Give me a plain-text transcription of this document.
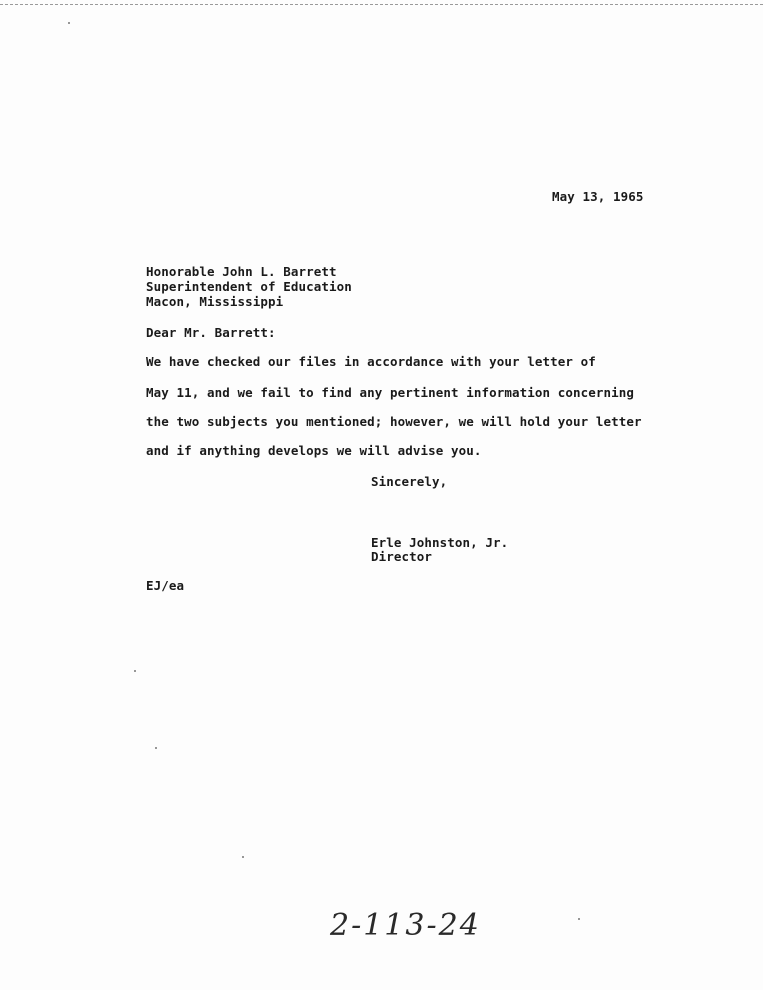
May 13, 1965
Honorable John L. Barrett
Superintendent of Education
Macon, Mississippi
Dear Mr. Barrett:
We have checked our files in accordance with your letter of
May 11, and we fail to find any pertinent information concerning
the two subjects you mentioned; however, we will hold your letter
and if anything develops we will advise you.
Sincerely,
Erle Johnston, Jr.
Director
EJ/ea
2-113-24
